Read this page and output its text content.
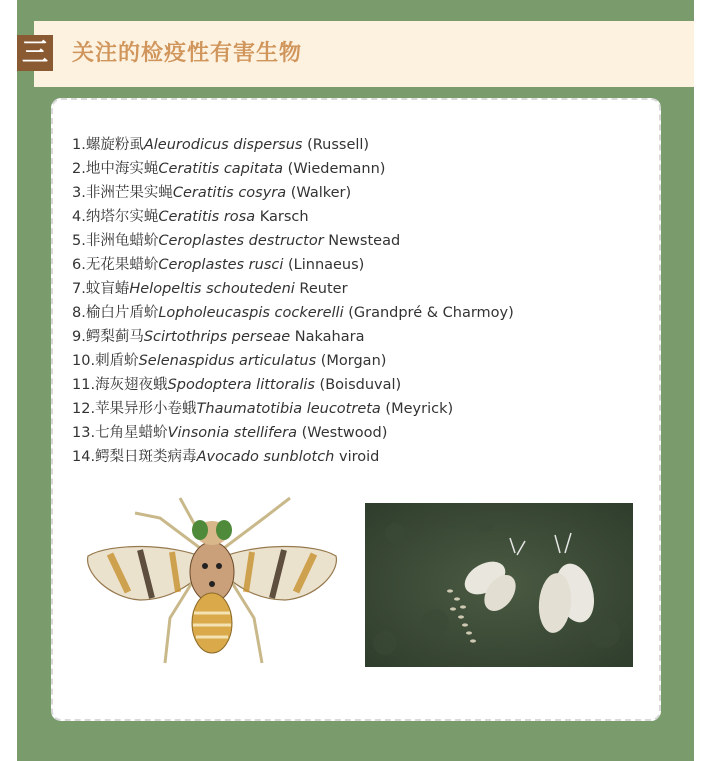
三 关注的检疫性有害生物
1.螺旋粉虱Aleurodicus dispersus (Russell)
2.地中海实蝇Ceratitis capitata (Wiedemann)
3.非洲芒果实蝇Ceratitis cosyra (Walker)
4.纳塔尔实蝇Ceratitis rosa Karsch
5.非洲龟蜡蚧Ceroplastes destructor Newstead
6.无花果蜡蚧Ceroplastes rusci (Linnaeus)
7.蚊盲蝽Helopeltis schoutedeni Reuter
8.榆白片盾蚧Lopholeucaspis cockerelli (Grandpré & Charmoy)
9.鳄梨蓟马Scirtothrips perseae Nakahara
10.刺盾蚧Selenaspidus articulatus (Morgan)
11.海灰翅夜蛾Spodoptera littoralis (Boisduval)
12.苹果异形小卷蛾Thaumatotibia leucotreta (Meyrick)
13.七角星蜡蚧Vinsonia stellifera (Westwood)
14.鳄梨日斑类病毒Avocado sunblotch viroid
